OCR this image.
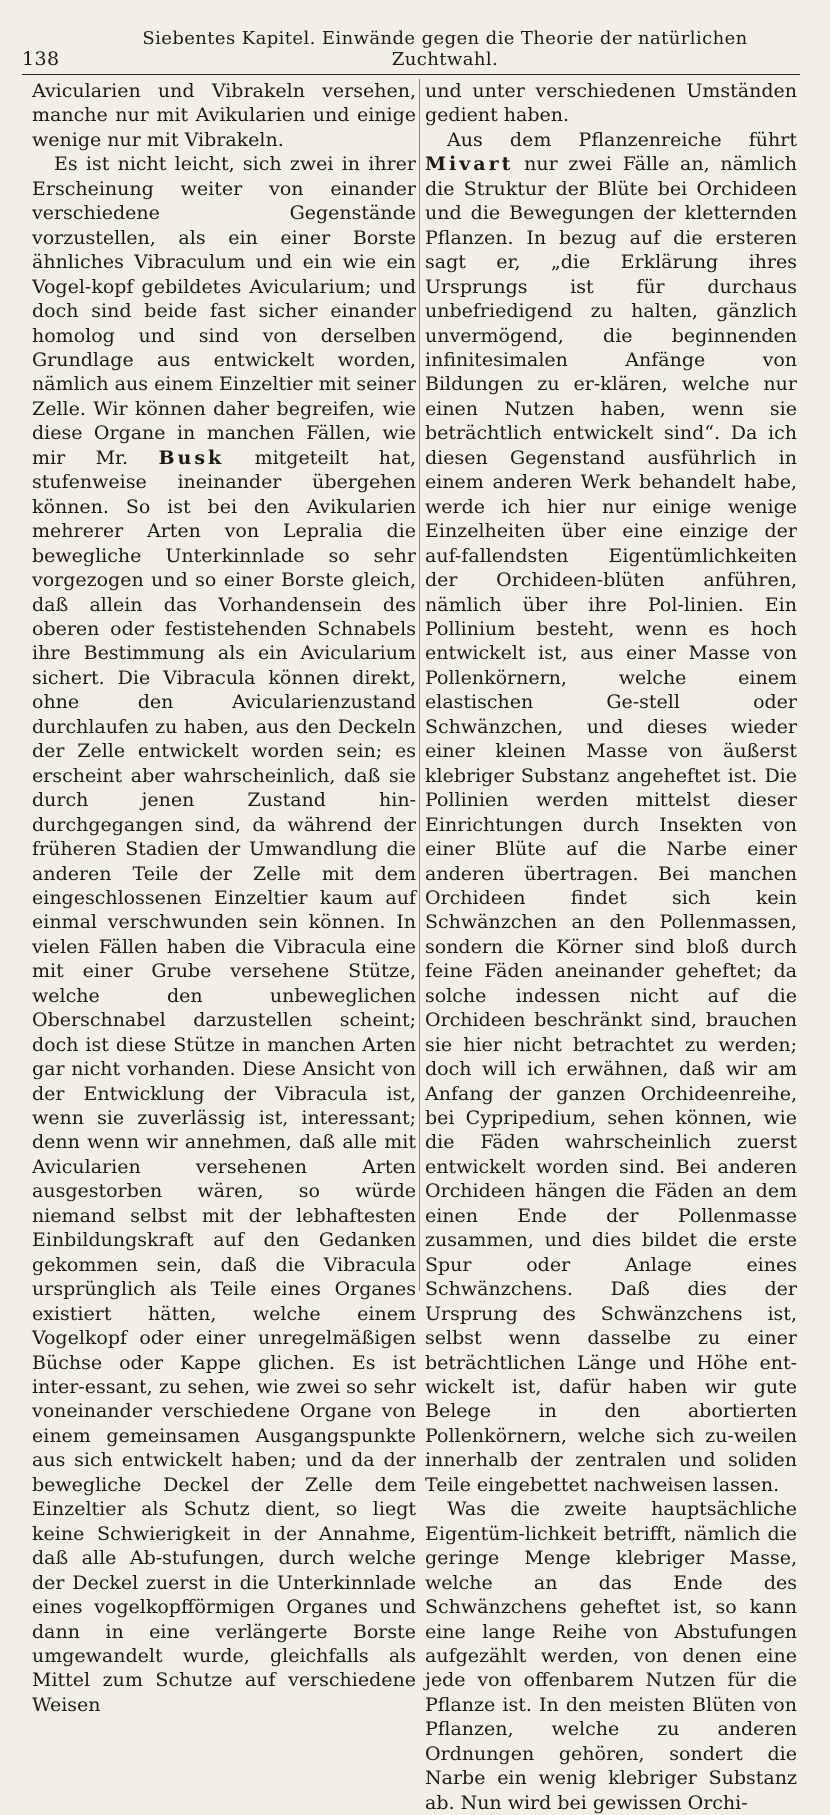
138
Siebentes Kapitel. Einwände gegen die Theorie der natürlichen Zuchtwahl.

Avicularien und Vibrakeln versehen, manche nur mit Avikularien und einige wenige nur mit Vibrakeln.

Es ist nicht leicht, sich zwei in ihrer Erscheinung weiter von einander verschiedene Gegenstände vorzustellen, als ein einer Borste ähnliches Vibraculum und ein wie ein Vogel-kopf gebildetes Avicularium; und doch sind beide fast sicher einander homolog und sind von derselben Grundlage aus entwickelt worden, nämlich aus einem Einzeltier mit seiner Zelle. Wir können daher begreifen, wie diese Organe in manchen Fällen, wie mir Mr. Busk mitgeteilt hat, stufenweise ineinander übergehen können. So ist bei den Avikularien mehrerer Arten von Lepralia die bewegliche Unterkinnlade so sehr vorgezogen und so einer Borste gleich, daß allein das Vorhandensein des oberen oder festistehenden Schnabels ihre Bestimmung als ein Avicularium sichert. Die Vibracula können direkt, ohne den Avicularienzustand durchlaufen zu haben, aus den Deckeln der Zelle entwickelt worden sein; es erscheint aber wahrscheinlich, daß sie durch jenen Zustand hin-durchgegangen sind, da während der früheren Stadien der Umwandlung die anderen Teile der Zelle mit dem eingeschlossenen Einzeltier kaum auf einmal verschwunden sein können. In vielen Fällen haben die Vibracula eine mit einer Grube versehene Stütze, welche den unbeweglichen Oberschnabel darzustellen scheint; doch ist diese Stütze in manchen Arten gar nicht vorhanden. Diese Ansicht von der Entwicklung der Vibracula ist, wenn sie zuverlässig ist, interessant; denn wenn wir annehmen, daß alle mit Avicularien versehenen Arten ausgestorben wären, so würde niemand selbst mit der lebhaftesten Einbildungskraft auf den Gedanken gekommen sein, daß die Vibracula ursprünglich als Teile eines Organes existiert hätten, welche einem Vogelkopf oder einer unregelmäßigen Büchse oder Kappe glichen. Es ist inter-essant, zu sehen, wie zwei so sehr voneinander verschiedene Organe von einem gemeinsamen Ausgangspunkte aus sich entwickelt haben; und da der bewegliche Deckel der Zelle dem Einzeltier als Schutz dient, so liegt keine Schwierigkeit in der Annahme, daß alle Ab-stufungen, durch welche der Deckel zuerst in die Unterkinnlade eines vogelkopfförmigen Organes und dann in eine verlängerte Borste umgewandelt wurde, gleichfalls als Mittel zum Schutze auf verschiedene Weisen

und unter verschiedenen Umständen gedient haben.

Aus dem Pflanzenreiche führt Mivart nur zwei Fälle an, nämlich die Struktur der Blüte bei Orchideen und die Bewegungen der kletternden Pflanzen. In bezug auf die ersteren sagt er, „die Erklärung ihres Ursprungs ist für durchaus unbefriedigend zu halten, gänzlich unvermögend, die beginnenden infinitesimalen Anfänge von Bildungen zu er-klären, welche nur einen Nutzen haben, wenn sie beträchtlich entwickelt sind“. Da ich diesen Gegenstand ausführlich in einem anderen Werk behandelt habe, werde ich hier nur einige wenige Einzelheiten über eine einzige der auf-fallendsten Eigentümlichkeiten der Orchideen-blüten anführen, nämlich über ihre Pol-linien. Ein Pollinium besteht, wenn es hoch entwickelt ist, aus einer Masse von Pollenkörnern, welche einem elastischen Ge-stell oder Schwänzchen, und dieses wieder einer kleinen Masse von äußerst klebriger Substanz angeheftet ist. Die Pollinien werden mittelst dieser Einrichtungen durch Insekten von einer Blüte auf die Narbe einer anderen übertragen. Bei manchen Orchideen findet sich kein Schwänzchen an den Pollenmassen, sondern die Körner sind bloß durch feine Fäden aneinander geheftet; da solche indessen nicht auf die Orchideen beschränkt sind, brauchen sie hier nicht betrachtet zu werden; doch will ich erwähnen, daß wir am Anfang der ganzen Orchideenreihe, bei Cypripedium, sehen können, wie die Fäden wahrscheinlich zuerst entwickelt worden sind. Bei anderen Orchideen hängen die Fäden an dem einen Ende der Pollenmasse zusammen, und dies bildet die erste Spur oder Anlage eines Schwänzchens. Daß dies der Ursprung des Schwänzchens ist, selbst wenn dasselbe zu einer beträchtlichen Länge und Höhe ent-wickelt ist, dafür haben wir gute Belege in den abortierten Pollenkörnern, welche sich zu-weilen innerhalb der zentralen und soliden Teile eingebettet nachweisen lassen.

Was die zweite hauptsächliche Eigentüm-lichkeit betrifft, nämlich die geringe Menge klebriger Masse, welche an das Ende des Schwänzchens geheftet ist, so kann eine lange Reihe von Abstufungen aufgezählt werden, von denen eine jede von offenbarem Nutzen für die Pflanze ist. In den meisten Blüten von Pflanzen, welche zu anderen Ordnungen gehören, sondert die Narbe ein wenig klebriger Substanz ab. Nun wird bei gewissen Orchi-
